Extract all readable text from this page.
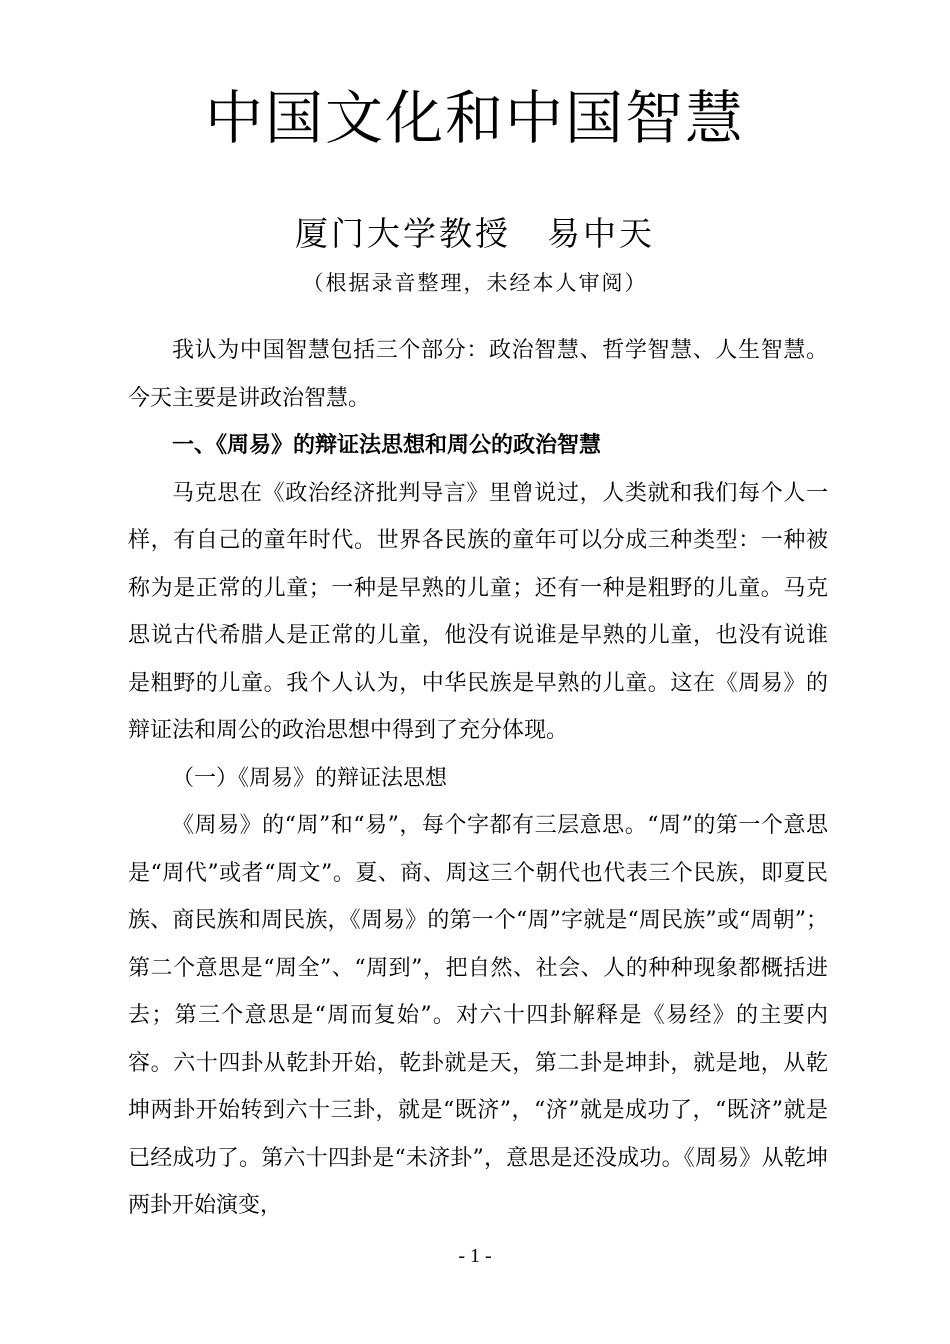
中国文化和中国智慧
厦门大学教授　易中天
（根据录音整理，未经本人审阅）

我认为中国智慧包括三个部分：政治智慧、哲学智慧、人生智慧。今天主要是讲政治智慧。

一、《周易》的辩证法思想和周公的政治智慧

马克思在《政治经济批判导言》里曾说过，人类就和我们每个人一样，有自己的童年时代。世界各民族的童年可以分成三种类型：一种被称为是正常的儿童；一种是早熟的儿童；还有一种是粗野的儿童。马克思说古代希腊人是正常的儿童，他没有说谁是早熟的儿童，也没有说谁是粗野的儿童。我个人认为，中华民族是早熟的儿童。这在《周易》的辩证法和周公的政治思想中得到了充分体现。

（一）《周易》的辩证法思想

《周易》的“周”和“易”，每个字都有三层意思。“周”的第一个意思是“周代”或者“周文”。夏、商、周这三个朝代也代表三个民族，即夏民族、商民族和周民族，《周易》的第一个“周”字就是“周民族”或“周朝”；第二个意思是“周全”、“周到”，把自然、社会、人的种种现象都概括进去；第三个意思是“周而复始”。对六十四卦解释是《易经》的主要内容。六十四卦从乾卦开始，乾卦就是天，第二卦是坤卦，就是地，从乾坤两卦开始转到六十三卦，就是“既济”，“济”就是成功了，“既济”就是已经成功了。第六十四卦是“未济卦”，意思是还没成功。《周易》从乾坤两卦开始演变，

- 1 -
